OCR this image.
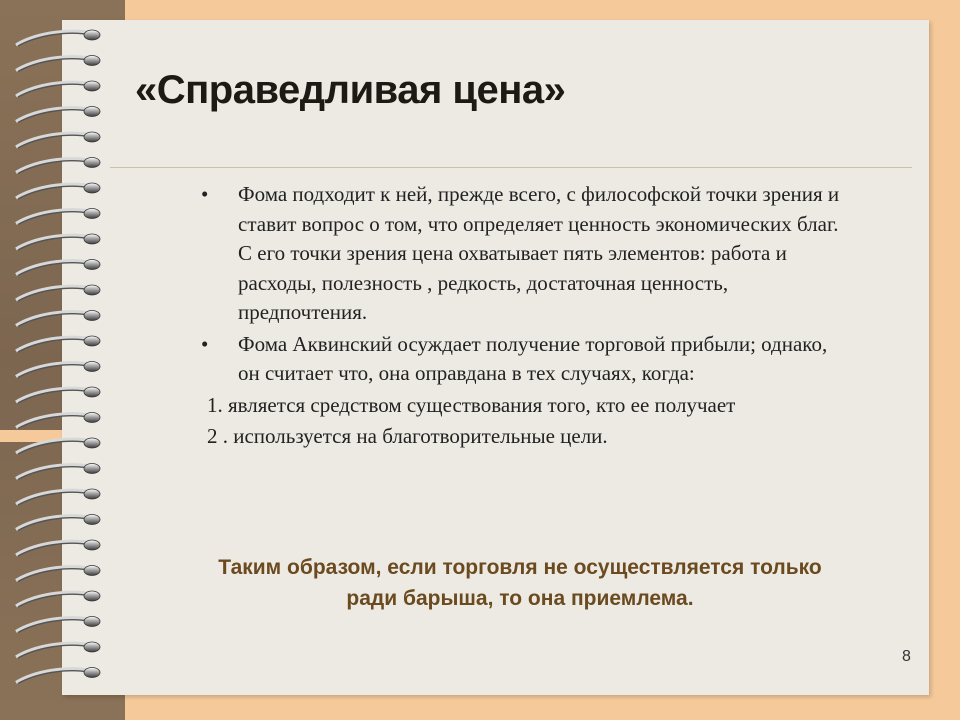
«Справедливая цена»
•	Фома подходит к ней, прежде всего, с философской точки зрения и ставит вопрос о том, что определяет ценность экономических благ. С его точки зрения цена охватывает пять элементов: работа и расходы, полезность , редкость, достаточная ценность, предпочтения.
•	Фома Аквинский осуждает получение торговой прибыли; однако, он считает что, она оправдана в тех случаях, когда:
1. является средством существования того, кто ее получает
2 . используется на благотворительные цели.
Таким образом, если торговля не осуществляется только ради барыша, то она приемлема.
8
